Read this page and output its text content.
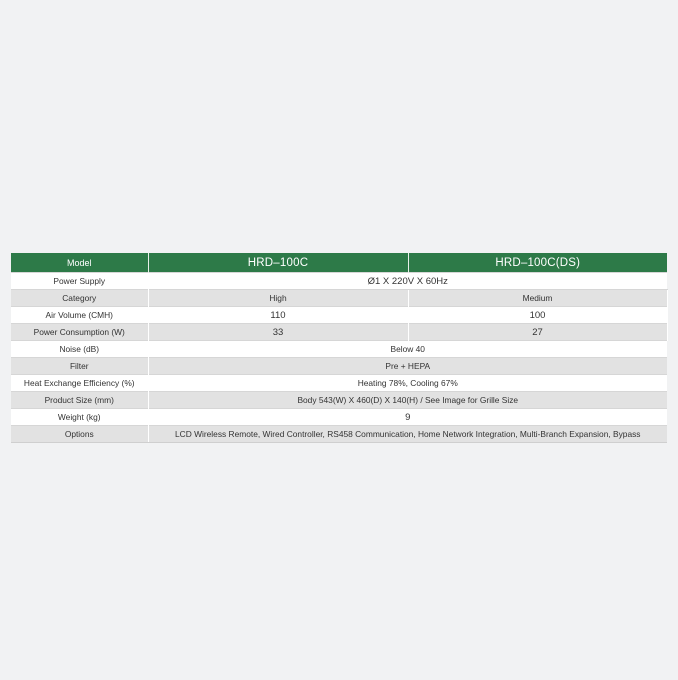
Model	HRD–100C	HRD–100C(DS)	
Power Supply	Ø1 X 220V X 60Hz		
Category	High	Medium	
Air Volume (CMH)	110	100	
Power Consumption (W)	33	27	
Noise (dB)	Below 40		
Filter	Pre + HEPA		
Heat Exchange Efficiency (%)	Heating 78%, Cooling 67%		
Product Size (mm)	Body 543(W) X 460(D) X 140(H) / See Image for Grille Size		
Weight (kg)	9		
Options	LCD Wireless Remote, Wired Controller, RS458 Communication, Home Network Integration, Multi-Branch Expansion, Bypass		
